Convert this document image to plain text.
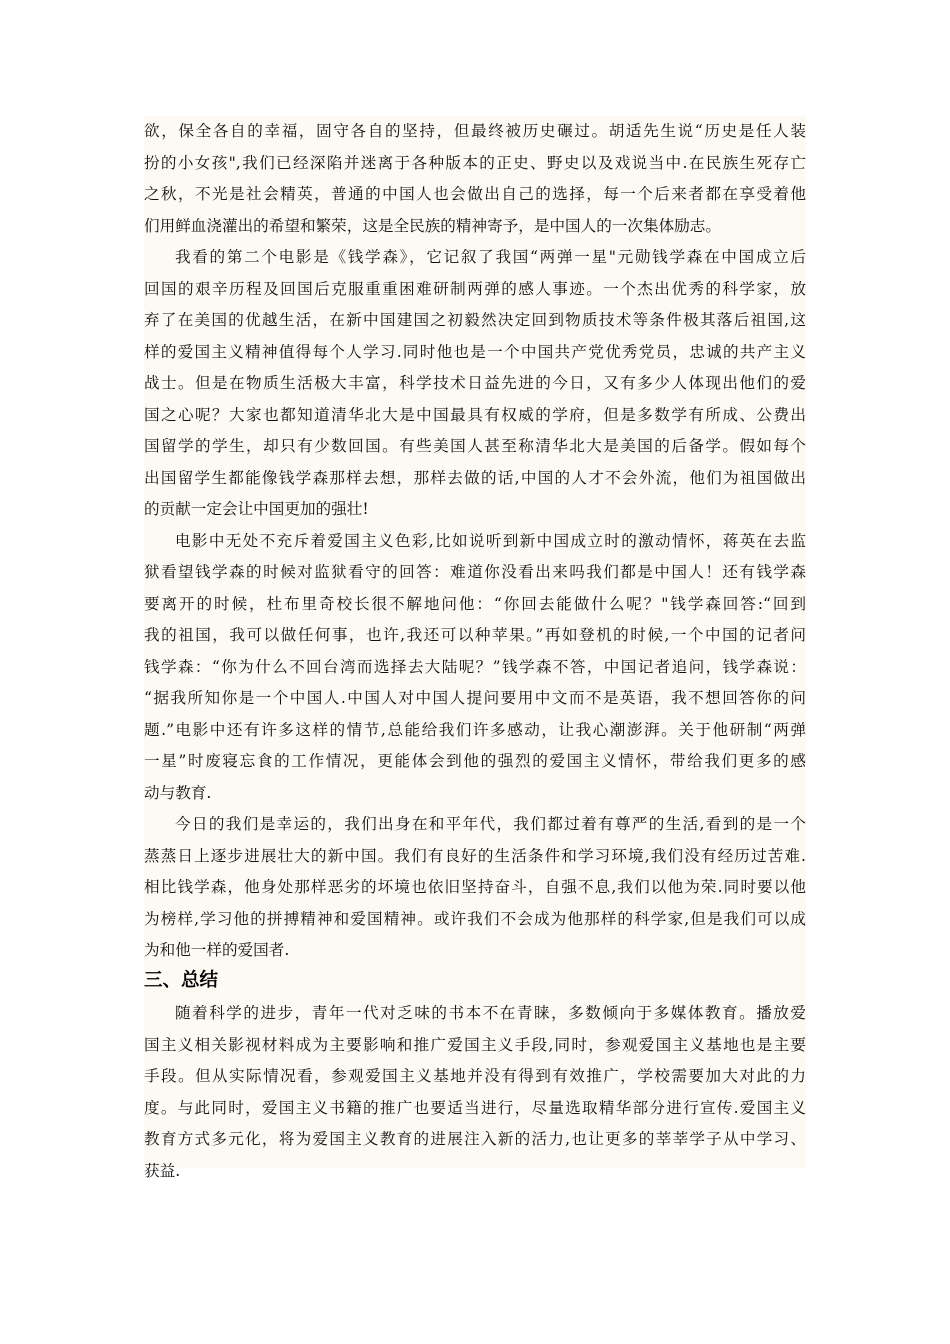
欲，保全各自的幸福，固守各自的坚持，但最终被历史碾过。胡适先生说“历史是任人装
扮的小女孩",我们已经深陷并迷离于各种版本的正史、野史以及戏说当中.在民族生死存亡
之秋，不光是社会精英，普通的中国人也会做出自己的选择，每一个后来者都在享受着他
们用鲜血浇灌出的希望和繁荣，这是全民族的精神寄予，是中国人的一次集体励志。
我看的第二个电影是《钱学森》，它记叙了我国“两弹一星"元勋钱学森在中国成立后
回国的艰辛历程及回国后克服重重困难研制两弹的感人事迹。一个杰出优秀的科学家，放
弃了在美国的优越生活，在新中国建国之初毅然决定回到物质技术等条件极其落后祖国,这
样的爱国主义精神值得每个人学习.同时他也是一个中国共产党优秀党员，忠诚的共产主义
战士。但是在物质生活极大丰富，科学技术日益先进的今日，又有多少人体现出他们的爱
国之心呢？大家也都知道清华北大是中国最具有权威的学府，但是多数学有所成、公费出
国留学的学生，却只有少数回国。有些美国人甚至称清华北大是美国的后备学。假如每个
出国留学生都能像钱学森那样去想，那样去做的话,中国的人才不会外流，他们为祖国做出
的贡献一定会让中国更加的强壮!
电影中无处不充斥着爱国主义色彩,比如说听到新中国成立时的激动情怀，蒋英在去监
狱看望钱学森的时候对监狱看守的回答：难道你没看出来吗我们都是中国人！还有钱学森
要离开的时候，杜布里奇校长很不解地问他：“你回去能做什么呢？"钱学森回答:“回到
我的祖国，我可以做任何事，也许,我还可以种苹果。”再如登机的时候,一个中国的记者问
钱学森：“你为什么不回台湾而选择去大陆呢？”钱学森不答，中国记者追问，钱学森说：
“据我所知你是一个中国人.中国人对中国人提问要用中文而不是英语，我不想回答你的问
题.”电影中还有许多这样的情节,总能给我们许多感动，让我心潮澎湃。关于他研制“两弹
一星”时废寝忘食的工作情况，更能体会到他的强烈的爱国主义情怀，带给我们更多的感
动与教育.
今日的我们是幸运的，我们出身在和平年代，我们都过着有尊严的生活,看到的是一个
蒸蒸日上逐步进展壮大的新中国。我们有良好的生活条件和学习环境,我们没有经历过苦难.
相比钱学森，他身处那样恶劣的坏境也依旧坚持奋斗，自强不息,我们以他为荣.同时要以他
为榜样,学习他的拼搏精神和爱国精神。或许我们不会成为他那样的科学家,但是我们可以成
为和他一样的爱国者.
三、总结
随着科学的进步，青年一代对乏味的书本不在青睐，多数倾向于多媒体教育。播放爱
国主义相关影视材料成为主要影响和推广爱国主义手段,同时，参观爱国主义基地也是主要
手段。但从实际情况看，参观爱国主义基地并没有得到有效推广，学校需要加大对此的力
度。与此同时，爱国主义书籍的推广也要适当进行，尽量选取精华部分进行宣传.爱国主义
教育方式多元化，将为爱国主义教育的进展注入新的活力,也让更多的莘莘学子从中学习、
获益.
